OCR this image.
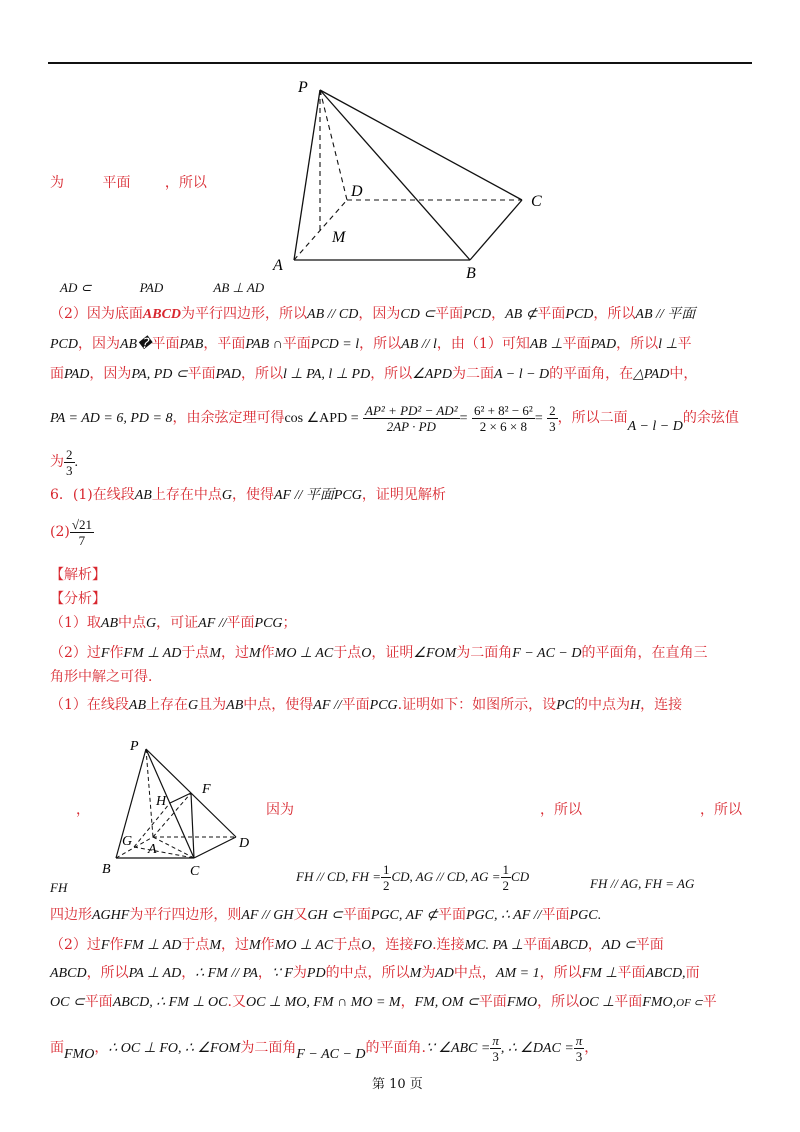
P
D
C
M
A	B
为	平面 ，所以
AD ⊂	PAD	AB ⊥ AD
（2）因为底面ABCD为平行四边形，所以AB // CD，因为CD ⊂平面PCD，AB ⊄平面PCD，所以AB // 平面
PCD，因为AB�平面PAB，平面PAB ∩平面PCD = l，所以AB // l，由（1）可知AB ⊥平面PAD，所以l ⊥平
面PAD，因为PA, PD ⊂平面PAD，所以l ⊥ PA, l ⊥ PD，所以∠APD为二面A − l − D的平面角，在△PAD中，
PA = AD = 6, PD = 8，由余弦定理可得cos ∠APD = $\frac{\text{AP² + PD² − AD²}}{2AP \cdot PD} = \frac{\text{6² + 8² − 6²}}{2 \times 6 \times 8} = \frac{2}{3}$ ，所以二面A − l − D的余弦值
为 $\frac{2}{3}$ .
6．(1)在线段AB上存在中点G，使得AF // 平面PCG，证明见解析
$(2) \frac{√21}{7}$
【解析】
【分析】
（1）取AB中点G，可证AF //平面PCG；
（2）过F作FM ⊥ AD于点M，过M作MO ⊥ AC于点O，证明∠FOM为二面角F − AC − D的平面角，在直角三
角形中解之可得．
（1）在线段AB上存在G且为AB中点，使得AF //平面PCG.证明如下：如图所示，设PC的中点为H，连接
P
H
F
G
A	D
B	C
，	因为	，所以	，所以
FH
FH // CD, FH = $\frac{1}{2}$ CD, AG // CD, AG = $\frac{1}{2}$ CD	FH // AG, FH = AG
四边形AGHF为平行四边形，则AF // GH又GH ⊂平面PGC, AF ⊄平面PGC, ∴ AF //平面PGC.
（2）过F作FM ⊥ AD于点M，过M作MO ⊥ AC于点O，连接FO.连接MC. PA ⊥平面ABCD，AD ⊂平面
ABCD，所以PA ⊥ AD，∴ FM // PA，∵ F为PD的中点，所以M为AD中点，AM = 1，所以FM ⊥平面ABCD,而
OC ⊂平面ABCD, ∴ FM ⊥ OC.又OC ⊥ MO, FM ∩ MO = M，FM, OM ⊂平面FMO，所以OC ⊥平面FMO,OF ⊂平
面FMO，∴ OC ⊥ FO, ∴ ∠FOM为二面角F − AC − D的平面角.∵ ∠ABC = $\frac{\pi}{3}$ , ∴ ∠DAC = $\frac{\pi}{3}$ ，
第 10 页
